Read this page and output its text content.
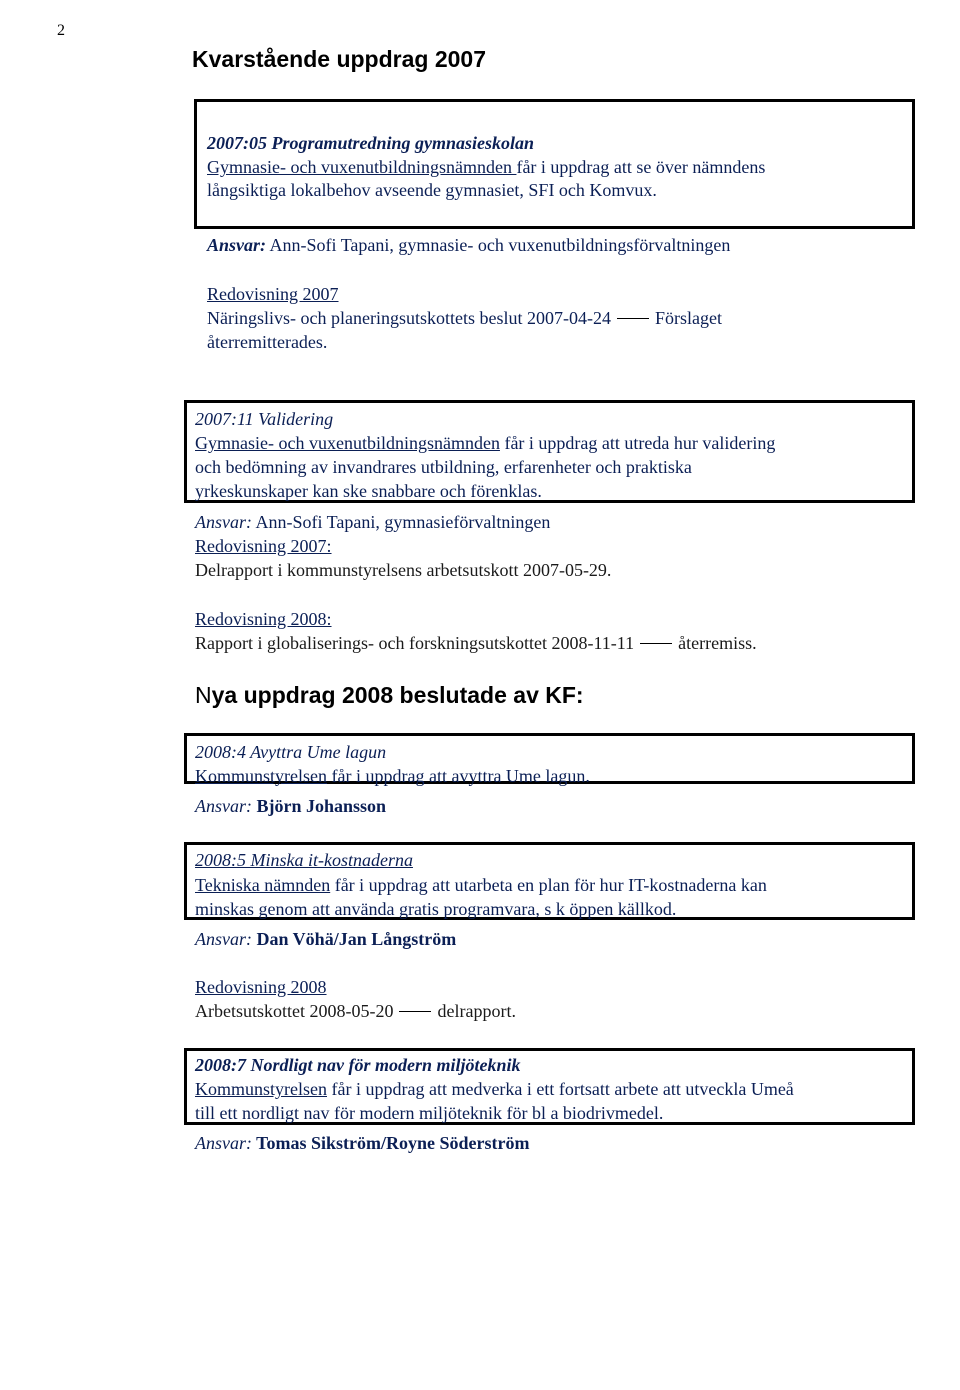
2
Kvarstående uppdrag 2007
2007:05 Programutredning gymnasieskolan
Gymnasie- och vuxenutbildningsnämnden får i uppdrag att se över nämndens
långsiktiga lokalbehov avseende gymnasiet, SFI och Komvux.
Ansvar: Ann-Sofi Tapani, gymnasie- och vuxenutbildningsförvaltningen
Redovisning 2007
Näringslivs- och planeringsutskottets beslut 2007-04-24 Förslaget
återremitterades.
2007:11 Validering
Gymnasie- och vuxenutbildningsnämnden får i uppdrag att utreda hur validering
och bedömning av invandrares utbildning, erfarenheter och praktiska
yrkeskunskaper kan ske snabbare och förenklas.
Ansvar: Ann-Sofi Tapani, gymnasieförvaltningen
Redovisning 2007:
Delrapport i kommunstyrelsens arbetsutskott 2007-05-29.
Redovisning 2008:
Rapport i globaliserings- och forskningsutskottet 2008-11-11 återremiss.
Nya uppdrag 2008 beslutade av KF:
2008:4 Avyttra Ume lagun
Kommunstyrelsen får i uppdrag att avyttra Ume lagun.
Ansvar: Björn Johansson
2008:5 Minska it-kostnaderna
Tekniska nämnden får i uppdrag att utarbeta en plan för hur IT-kostnaderna kan
minskas genom att använda gratis programvara, s k öppen källkod.
Ansvar: Dan Vöhä/Jan Långström
Redovisning 2008
Arbetsutskottet 2008-05-20 delrapport.
2008:7 Nordligt nav för modern miljöteknik
Kommunstyrelsen får i uppdrag att medverka i ett fortsatt arbete att utveckla Umeå
till ett nordligt nav för modern miljöteknik för bl a biodrivmedel.
Ansvar: Tomas Sikström/Royne Söderström
